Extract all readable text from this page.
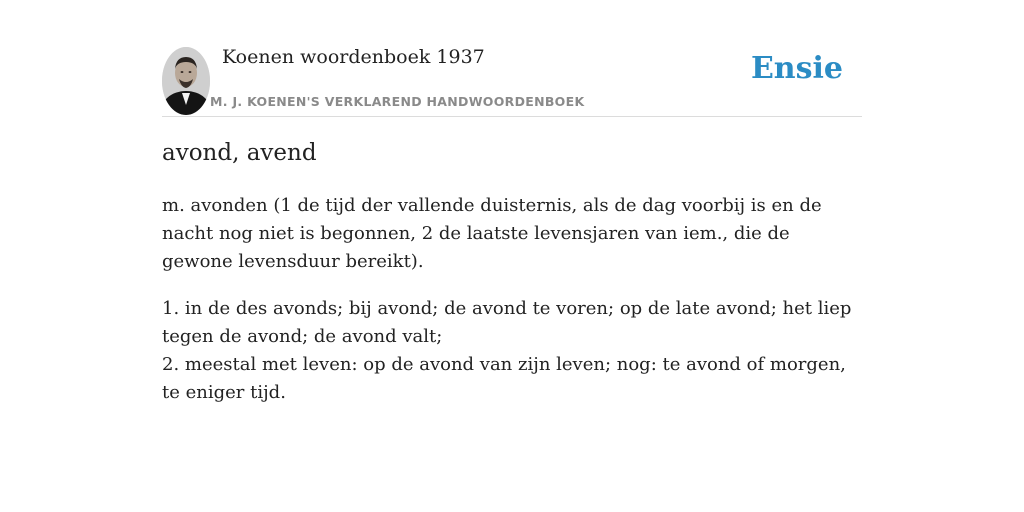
Koenen woordenboek 1937
M. J. KOENEN'S VERKLAREND HANDWOORDENBOEK
Ensie
avond, avend

m. avonden (1 de tijd der vallende duisternis, als de dag voorbij is en de nacht nog niet is begonnen, 2 de laatste levensjaren van iem., die de gewone levensduur bereikt).

1. in de des avonds; bij avond; de avond te voren; op de late avond; het liep tegen de avond; de avond valt;
2. meestal met leven: op de avond van zijn leven; nog: te avond of morgen, te eniger tijd.
